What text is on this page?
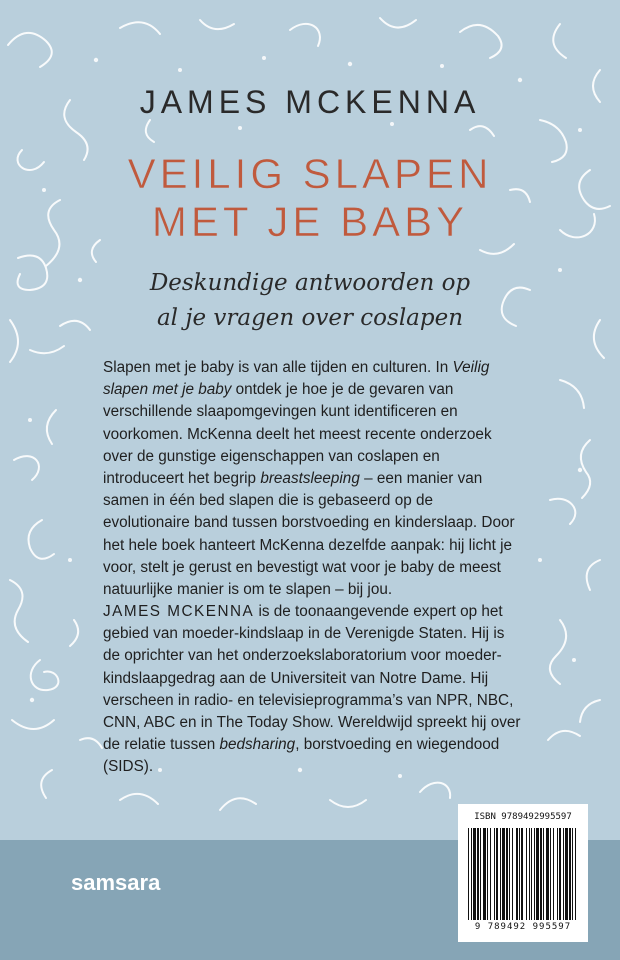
JAMES MCKENNA
VEILIG SLAPEN
MET JE BABY
Deskundige antwoorden op
al je vragen over coslapen

Slapen met je baby is van alle tijden en culturen. In Veilig slapen met je baby ontdek je hoe je de gevaren van verschillende slaapomgevingen kunt identificeren en voorkomen. McKenna deelt het meest recente onderzoek over de gunstige eigenschappen van coslapen en introduceert het begrip breastsleeping – een manier van samen in één bed slapen die is gebaseerd op de evolutionaire band tussen borstvoeding en kinderslaap. Door het hele boek hanteert McKenna dezelfde aanpak: hij licht je voor, stelt je gerust en bevestigt wat voor je baby de meest natuurlijke manier is om te slapen – bij jou.

JAMES MCKENNA is de toonaangevende expert op het gebied van moeder-kindslaap in de Verenigde Staten. Hij is de oprichter van het onderzoekslaboratorium voor moeder-kindslaapgedrag aan de Universiteit van Notre Dame. Hij verscheen in radio- en televisieprogramma’s van NPR, NBC, CNN, ABC en in The Today Show. Wereldwijd spreekt hij over de relatie tussen bedsharing, borstvoeding en wiegendood (SIDS).

samsara
ISBN 9789492995597
9 789492 995597
